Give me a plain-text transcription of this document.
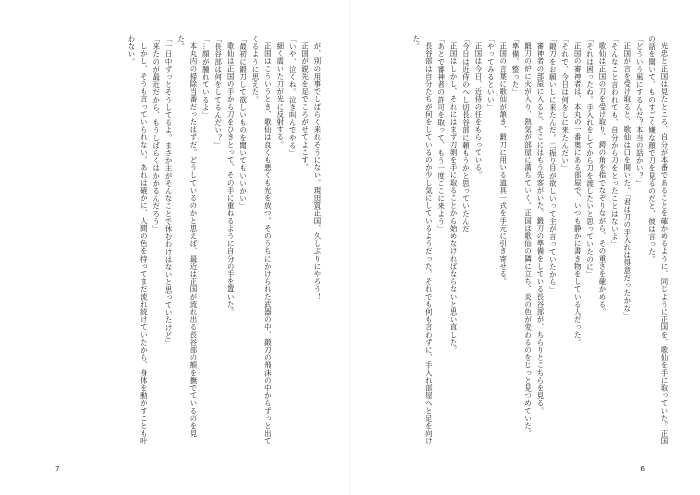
が、別の用事でしばらく来れそうにない。現田質正国、久しぶりにやろう！

正国が鋭先を足でころがせてよこす。

「いや、泣くね。泣き叫んでやる」

細く震いた刀が光に反射する。

正国はこういうとき、歌仙は良くも悪くも光を放つ。そのうちにかけられた武器の中、鍛刀の飛沫の中からずっと出てくるように思えた。

「最初に鍛刀して欲しいものを聞いてもいいかい」

歌仙は正国の手から刀をひきとって、その手に重ねるように自分の手を置いた。

「長谷部は何をしてるんだい？」

「…顔が腫れているよ」

本丸内の掃除当番だったはずだ。どうしているのかと思えば、最近は正国が流れ出る長谷部の額を撫でているのを見た。

「一日中ずっとそうしてるよ。まさか主がそんなことで休むわけはないと思っていたけど」

「来たのが最近だから、もうしばらくはかかるんだろう」

しかし、そうも言っていられない。あれは確かに、人間の色を持ってまだ流れ続けていたから、身体を動かすことも叶わない。

7

光忠と正国は見たところ、自分が本番であることを確かめるように、同じように正国を、歌仙を手に取っていた。正国の話を聞いて、ものすごく嫌な顔で刀を見るのだと、彼は言った。

「どういう風にするんだ？本当の話かい？」

正国が言を受け取ると、歌仙は口を開いた。「君は刀の手入れは得意だったかな」

「そんなこと言われても、自分から刀をとったことはないよ」

歌仙は正国の刀を受け取り、鍔の角を指でなぞりながら、その重さを確かめる。

「それは困ったね。手入れをしてから刀を渡したいと思っていたのに」

正国の審神者は、本丸の一番奥にある部屋で、いつも静かに書き物をしている人だった。

「それで、今日は何をしに来たんだい」

「鍛刀をお願いしに来たんだ。二振り目が欲しいって主が言っていたから」

審神者の部屋に入ると、そこにはもう先客がいた。鍛刀の準備をしている長谷部が、ちらりとこちらを見る。

鍛刀の炉に火が入り、熱気が部屋に満ちていく。正国は歌仙の隣に立ち、炎の色が変わるのをじっと見つめていた。

「準備、整った」

正国の言葉に歌仙が頷き、鍛刀に用いる道具一式を手元に引き寄せる。

「やってみるといい」

正国は今日、近侍の任をもらっている。

「今日は近侍のへし切長谷部に頼もうかと思っていたんだ

正国はしかし、それにはまず刀剣を手に取ることから始めなければならないと思い直した。

「あとで審神者の許可を取って、もう一度ここに来よう」

長谷部は自分たちが何をしているのか少し気にしているようだった。それでも何も言わずに、手入れ部屋へと足を向けた。

6
